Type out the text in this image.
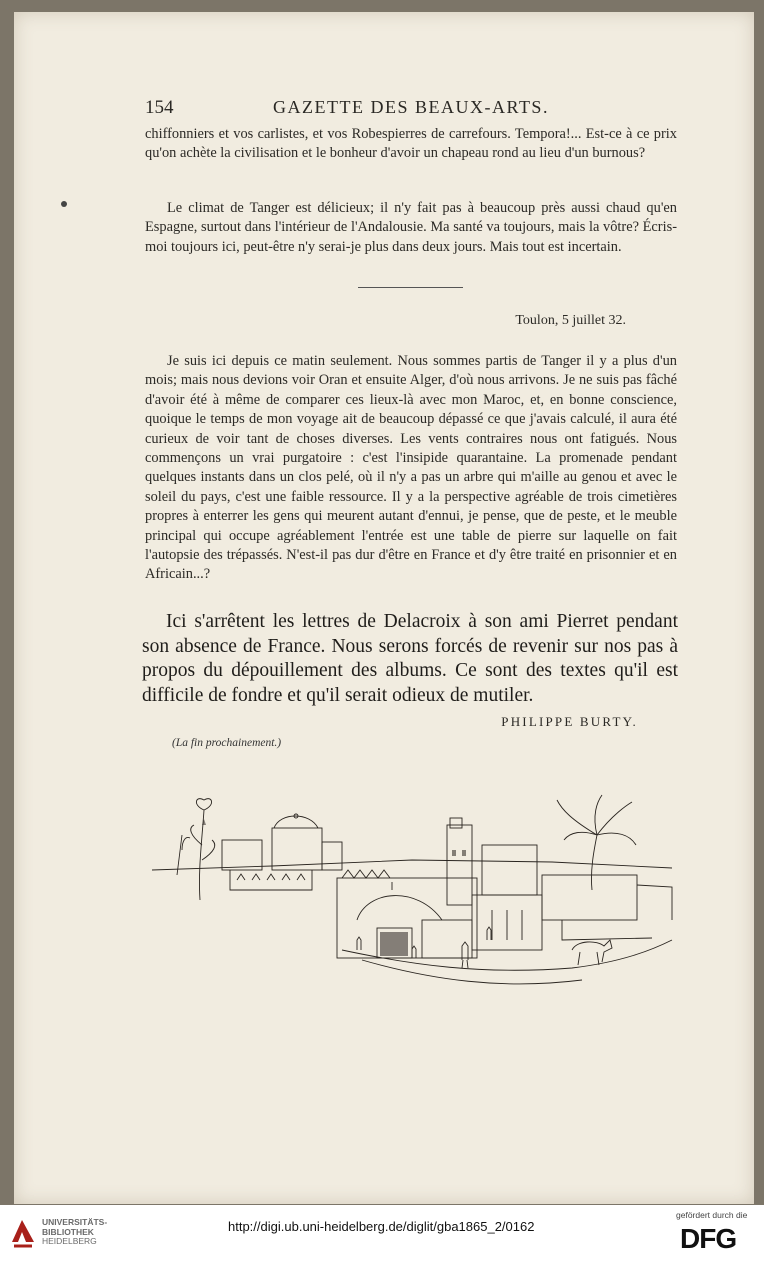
154	GAZETTE DES BEAUX-ARTS.

chiffonniers et vos carlistes, et vos Robespierres de carrefours. Tempora!... Est-ce à ce prix qu'on achète la civilisation et le bonheur d'avoir un chapeau rond au lieu d'un burnous?

Le climat de Tanger est délicieux; il n'y fait pas à beaucoup près aussi chaud qu'en Espagne, surtout dans l'intérieur de l'Andalousie. Ma santé va toujours, mais la vôtre? Écris-moi toujours ici, peut-être n'y serai-je plus dans deux jours. Mais tout est incertain.

Toulon, 5 juillet 32.

Je suis ici depuis ce matin seulement. Nous sommes partis de Tanger il y a plus d'un mois; mais nous devions voir Oran et ensuite Alger, d'où nous arrivons. Je ne suis pas fâché d'avoir été à même de comparer ces lieux-là avec mon Maroc, et, en bonne conscience, quoique le temps de mon voyage ait de beaucoup dépassé ce que j'avais calculé, il aura été curieux de voir tant de choses diverses. Les vents contraires nous ont fatigués. Nous commençons un vrai purgatoire : c'est l'insipide quarantaine. La promenade pendant quelques instants dans un clos pelé, où il n'y a pas un arbre qui m'aille au genou et avec le soleil du pays, c'est une faible ressource. Il y a la perspective agréable de trois cimetières propres à enterrer les gens qui meurent autant d'ennui, je pense, que de peste, et le meuble principal qui occupe agréablement l'entrée est une table de pierre sur laquelle on fait l'autopsie des trépassés. N'est-il pas dur d'être en France et d'y être traité en prisonnier et en Africain...?

Ici s'arrêtent les lettres de Delacroix à son ami Pierret pendant son absence de France. Nous serons forcés de revenir sur nos pas à propos du dépouillement des albums. Ce sont des textes qu'il est difficile de fondre et qu'il serait odieux de mutiler.

PHILIPPE BURTY.
(La fin prochainement.)
UNIVERSITÄTS-
BIBLIOTHEK
HEIDELBERG
http://digi.ub.uni-heidelberg.de/diglit/gba1865_2/0162
gefördert durch die
DFG
